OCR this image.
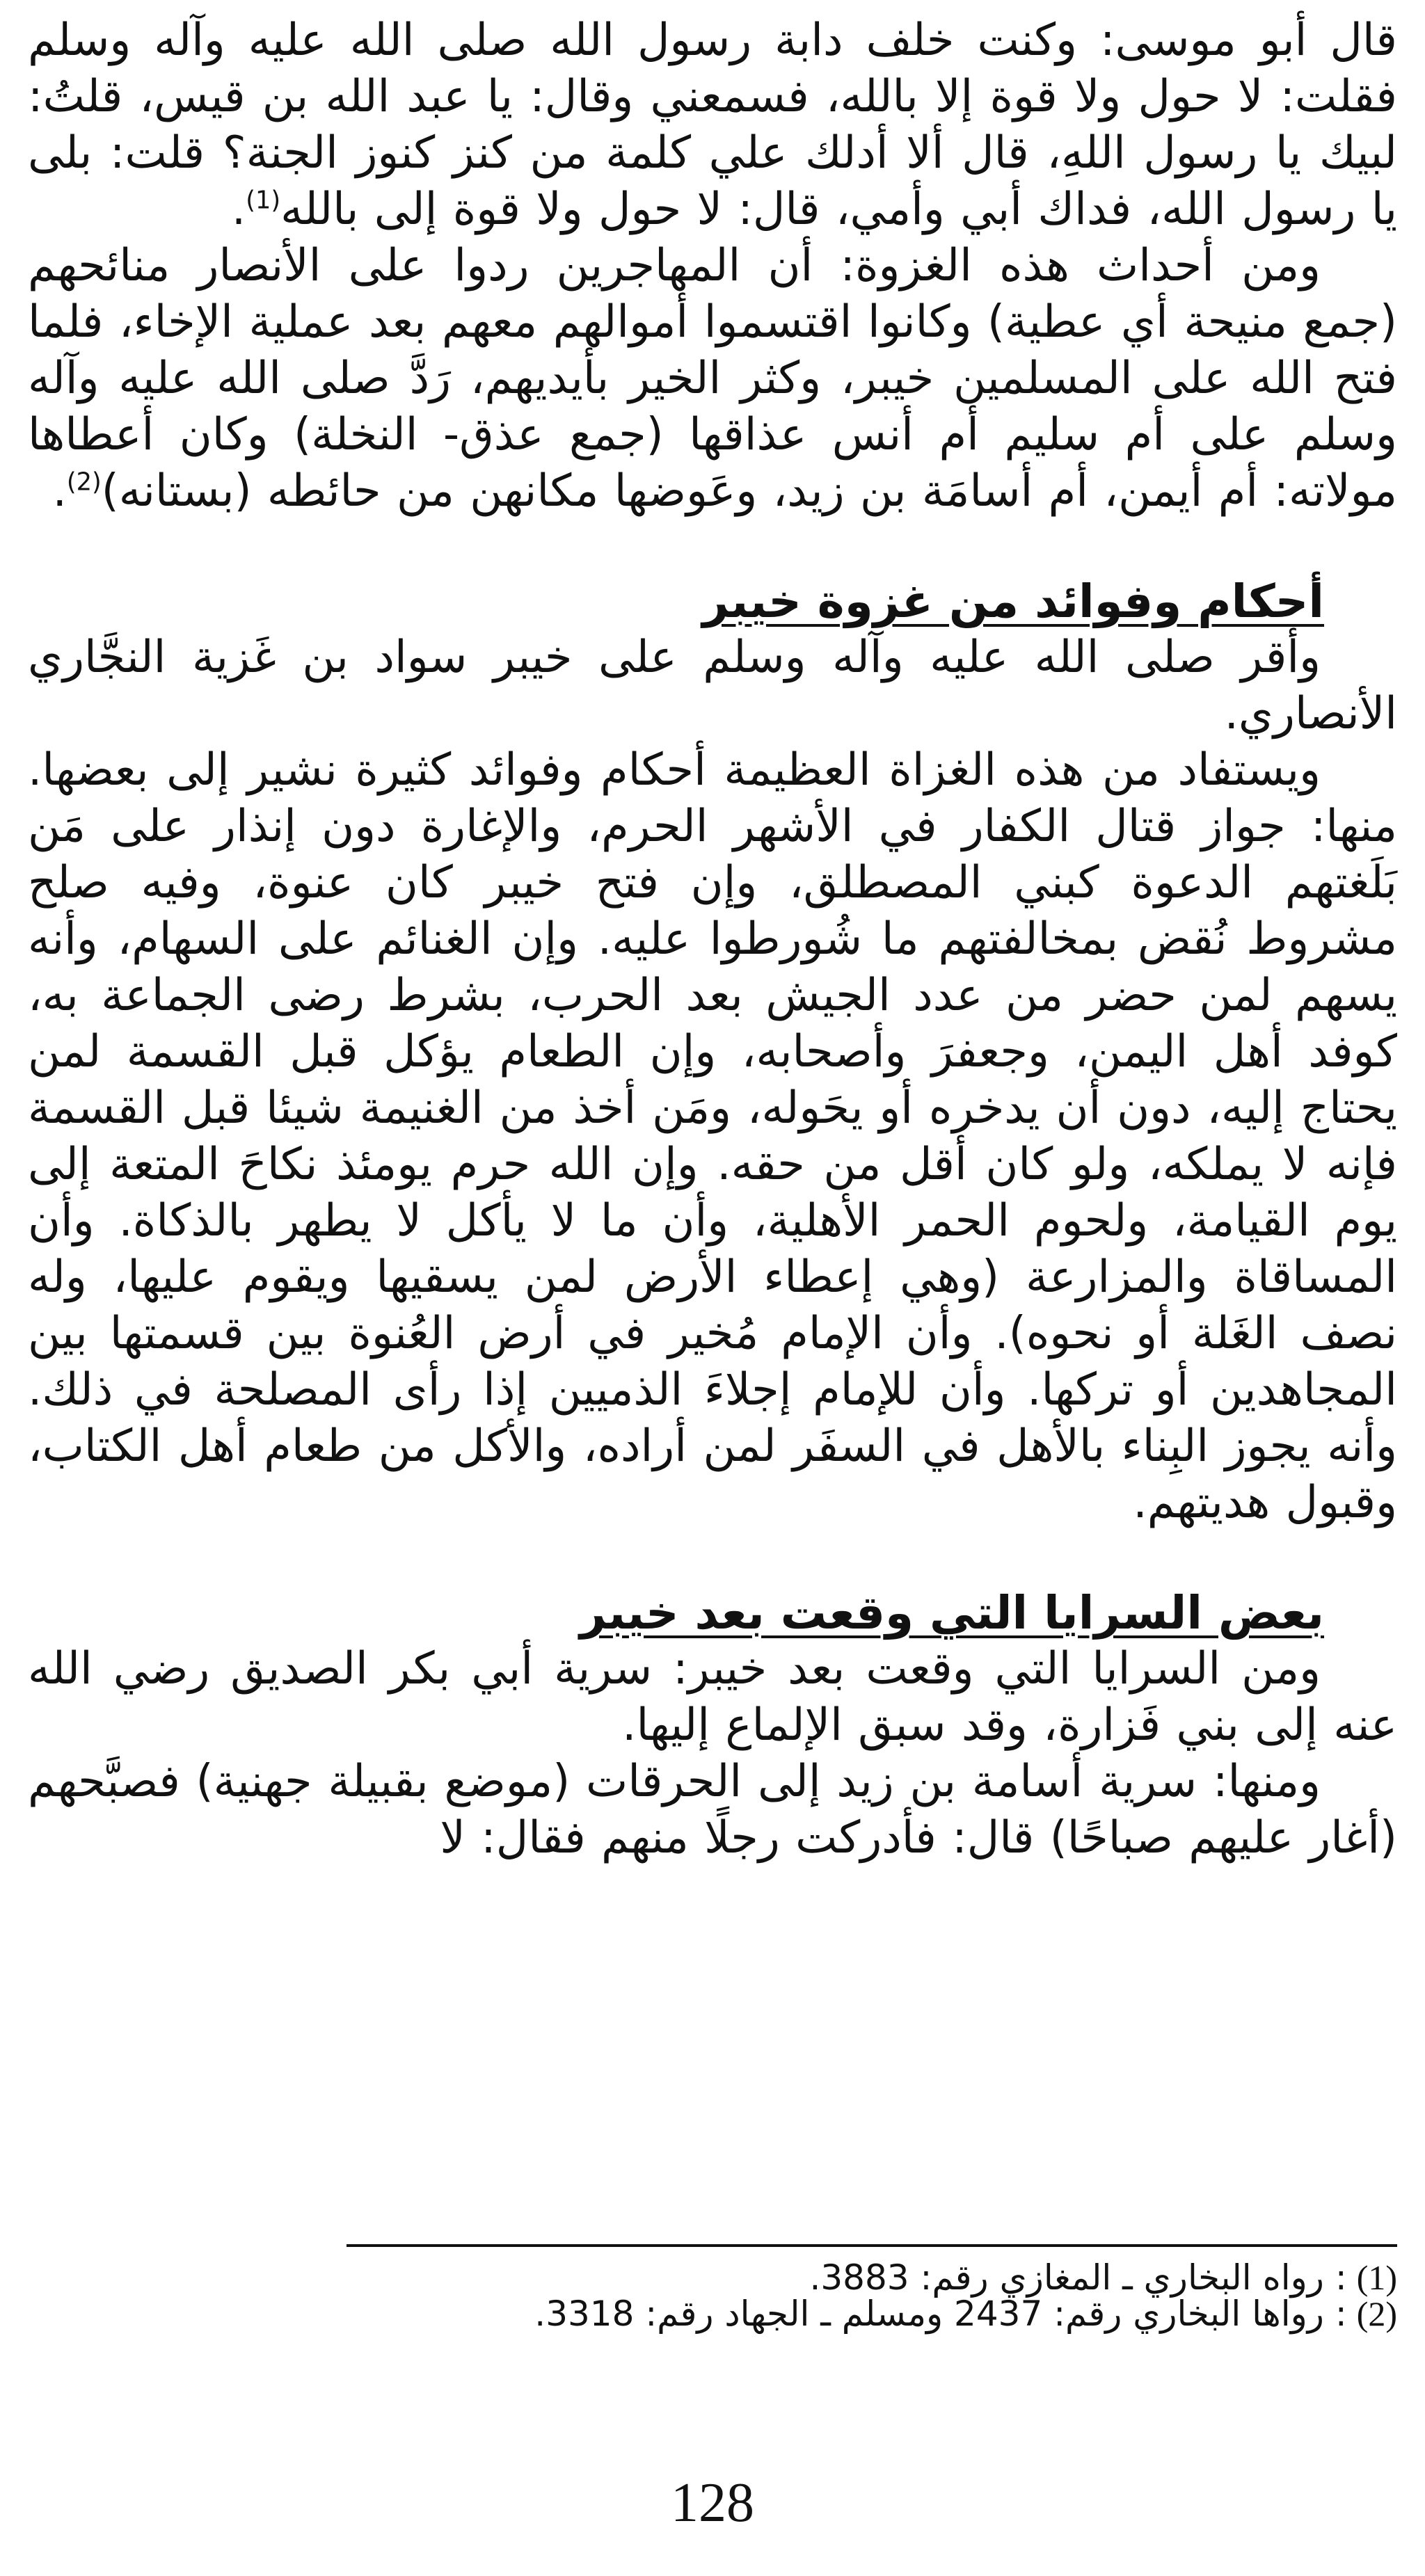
قال أبو موسى: وكنت خلف دابة رسول الله صلى الله عليه وآله وسلم فقلت: لا حول ولا قوة إلا بالله، فسمعني وقال: يا عبد الله بن قيس، قلتُ: لبيك يا رسول اللهِ، قال ألا أدلك علي كلمة من كنز كنوز الجنة؟ قلت: بلى يا رسول الله، فداك أبي وأمي، قال: لا حول ولا قوة إلى بالله$^{(1)}$.

ومن أحداث هذه الغزوة: أن المهاجرين ردوا على الأنصار منائحهم (جمع منيحة أي عطية) وكانوا اقتسموا أموالهم معهم بعد عملية الإخاء، فلما فتح الله على المسلمين خيبر، وكثر الخير بأيديهم، رَدَّ صلى الله عليه وآله وسلم على أم سليم أم أنس عذاقها (جمع عذق- النخلة) وكان أعطاها مولاته: أم أيمن، أم أسامَة بن زيد، وعَوضها مكانهن من حائطه (بستانه)$^{(2)}$.

أحكام وفوائد من غزوة خيبر

وأقر صلى الله عليه وآله وسلم على خيبر سواد بن غَزية النجَّاري الأنصاري.

ويستفاد من هذه الغزاة العظيمة أحكام وفوائد كثيرة نشير إلى بعضها. منها: جواز قتال الكفار في الأشهر الحرم، والإغارة دون إنذار على مَن بَلَغتهم الدعوة كبني المصطلق، وإن فتح خيبر كان عنوة، وفيه صلح مشروط نُقض بمخالفتهم ما شُورطوا عليه. وإن الغنائم على السهام، وأنه يسهم لمن حضر من عدد الجيش بعد الحرب، بشرط رضى الجماعة به، كوفد أهل اليمن، وجعفرَ وأصحابه، وإن الطعام يؤكل قبل القسمة لمن يحتاج إليه، دون أن يدخره أو يحَوله، ومَن أخذ من الغنيمة شيئا قبل القسمة فإنه لا يملكه، ولو كان أقل من حقه. وإن الله حرم يومئذ نكاحَ المتعة إلى يوم القيامة، ولحوم الحمر الأهلية، وأن ما لا يأكل لا يطهر بالذكاة. وأن المساقاة والمزارعة (وهي إعطاء الأرض لمن يسقيها ويقوم عليها، وله نصف الغَلة أو نحوه). وأن الإمام مُخير في أرض العُنوة بين قسمتها بين المجاهدين أو تركها. وأن للإمام إجلاءَ الذميين إذا رأى المصلحة في ذلك. وأنه يجوز البِناء بالأهل في السفَر لمن أراده، والأكل من طعام أهل الكتاب، وقبول هديتهم.

بعض السرايا التي وقعت بعد خيبر

ومن السرايا التي وقعت بعد خيبر: سرية أبي بكر الصديق رضي الله عنه إلى بني فَزارة، وقد سبق الإلماع إليها.

ومنها: سرية أسامة بن زيد إلى الحرقات (موضع بقبيلة جهنية) فصبَّحهم (أغار عليهم صباحًا) قال: فأدركت رجلًا منهم فقال: لا

(1)
: رواه البخاري ـ المغازي رقم: 3883.

(2)
: رواها البخاري رقم: 2437 ومسلم ـ الجهاد رقم: 3318.

128
